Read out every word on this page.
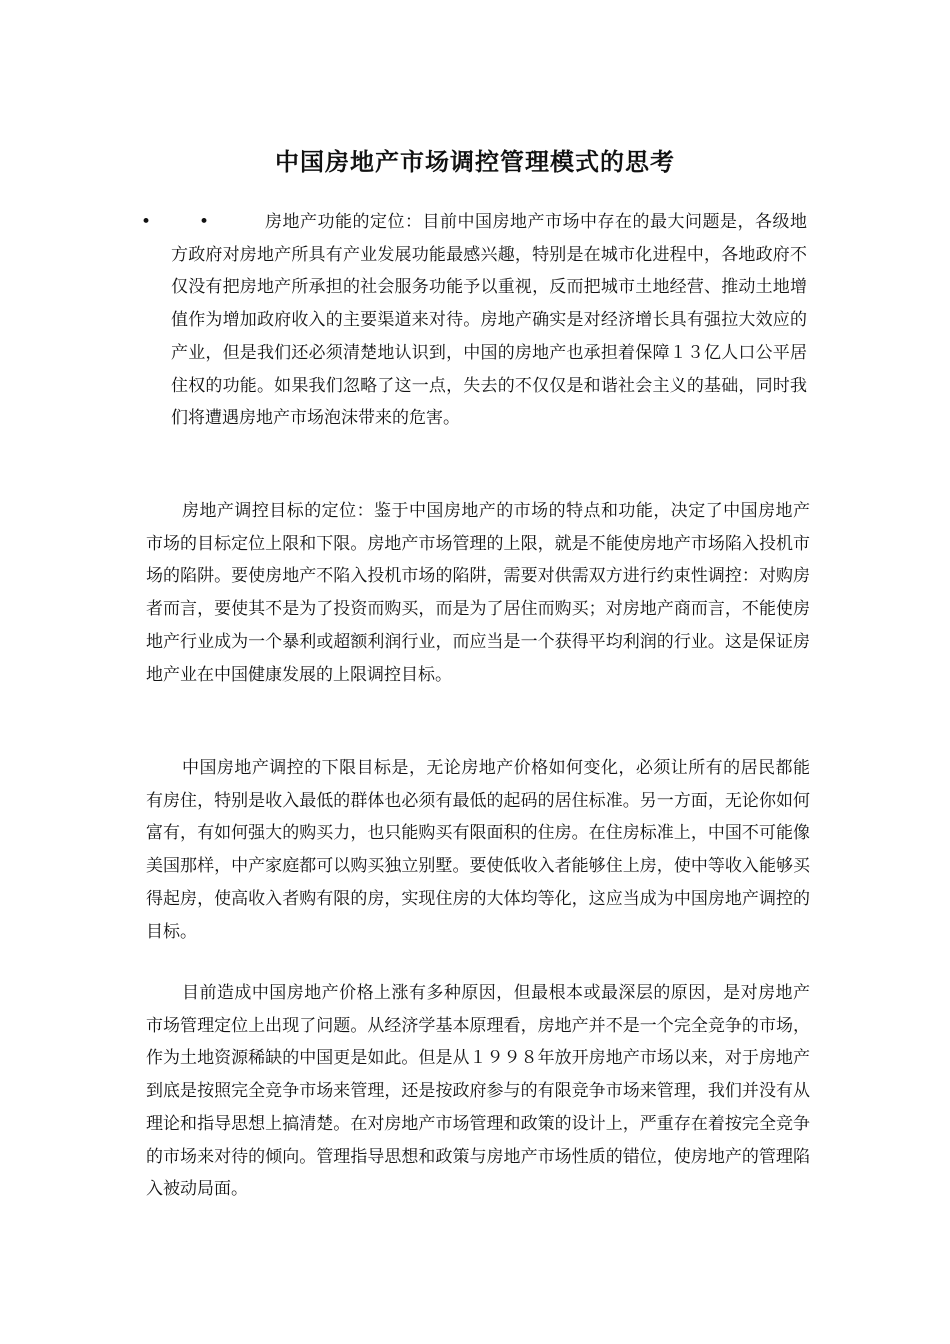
中国房地产市场调控管理模式的思考
•	•	房地产功能的定位：目前中国房地产市场中存在的最大问题是，各级地方政府对房地产所具有产业发展功能最感兴趣，特别是在城市化进程中，各地政府不仅没有把房地产所承担的社会服务功能予以重视，反而把城市土地经营、推动土地增值作为增加政府收入的主要渠道来对待。房地产确实是对经济增长具有强拉大效应的产业，但是我们还必须清楚地认识到，中国的房地产也承担着保障１３亿人口公平居住权的功能。如果我们忽略了这一点，失去的不仅仅是和谐社会主义的基础，同时我们将遭遇房地产市场泡沫带来的危害。

房地产调控目标的定位：鉴于中国房地产的市场的特点和功能，决定了中国房地产市场的目标定位上限和下限。房地产市场管理的上限，就是不能使房地产市场陷入投机市场的陷阱。要使房地产不陷入投机市场的陷阱，需要对供需双方进行约束性调控：对购房者而言，要使其不是为了投资而购买，而是为了居住而购买；对房地产商而言，不能使房地产行业成为一个暴利或超额利润行业，而应当是一个获得平均利润的行业。这是保证房地产业在中国健康发展的上限调控目标。

中国房地产调控的下限目标是，无论房地产价格如何变化，必须让所有的居民都能有房住，特别是收入最低的群体也必须有最低的起码的居住标准。另一方面，无论你如何富有，有如何强大的购买力，也只能购买有限面积的住房。在住房标准上，中国不可能像美国那样，中产家庭都可以购买独立别墅。要使低收入者能够住上房，使中等收入能够买得起房，使高收入者购有限的房，实现住房的大体均等化，这应当成为中国房地产调控的目标。

目前造成中国房地产价格上涨有多种原因，但最根本或最深层的原因，是对房地产市场管理定位上出现了问题。从经济学基本原理看，房地产并不是一个完全竞争的市场，作为土地资源稀缺的中国更是如此。但是从１９９８年放开房地产市场以来，对于房地产到底是按照完全竞争市场来管理，还是按政府参与的有限竞争市场来管理，我们并没有从理论和指导思想上搞清楚。在对房地产市场管理和政策的设计上，严重存在着按完全竞争的市场来对待的倾向。管理指导思想和政策与房地产市场性质的错位，使房地产的管理陷入被动局面。
